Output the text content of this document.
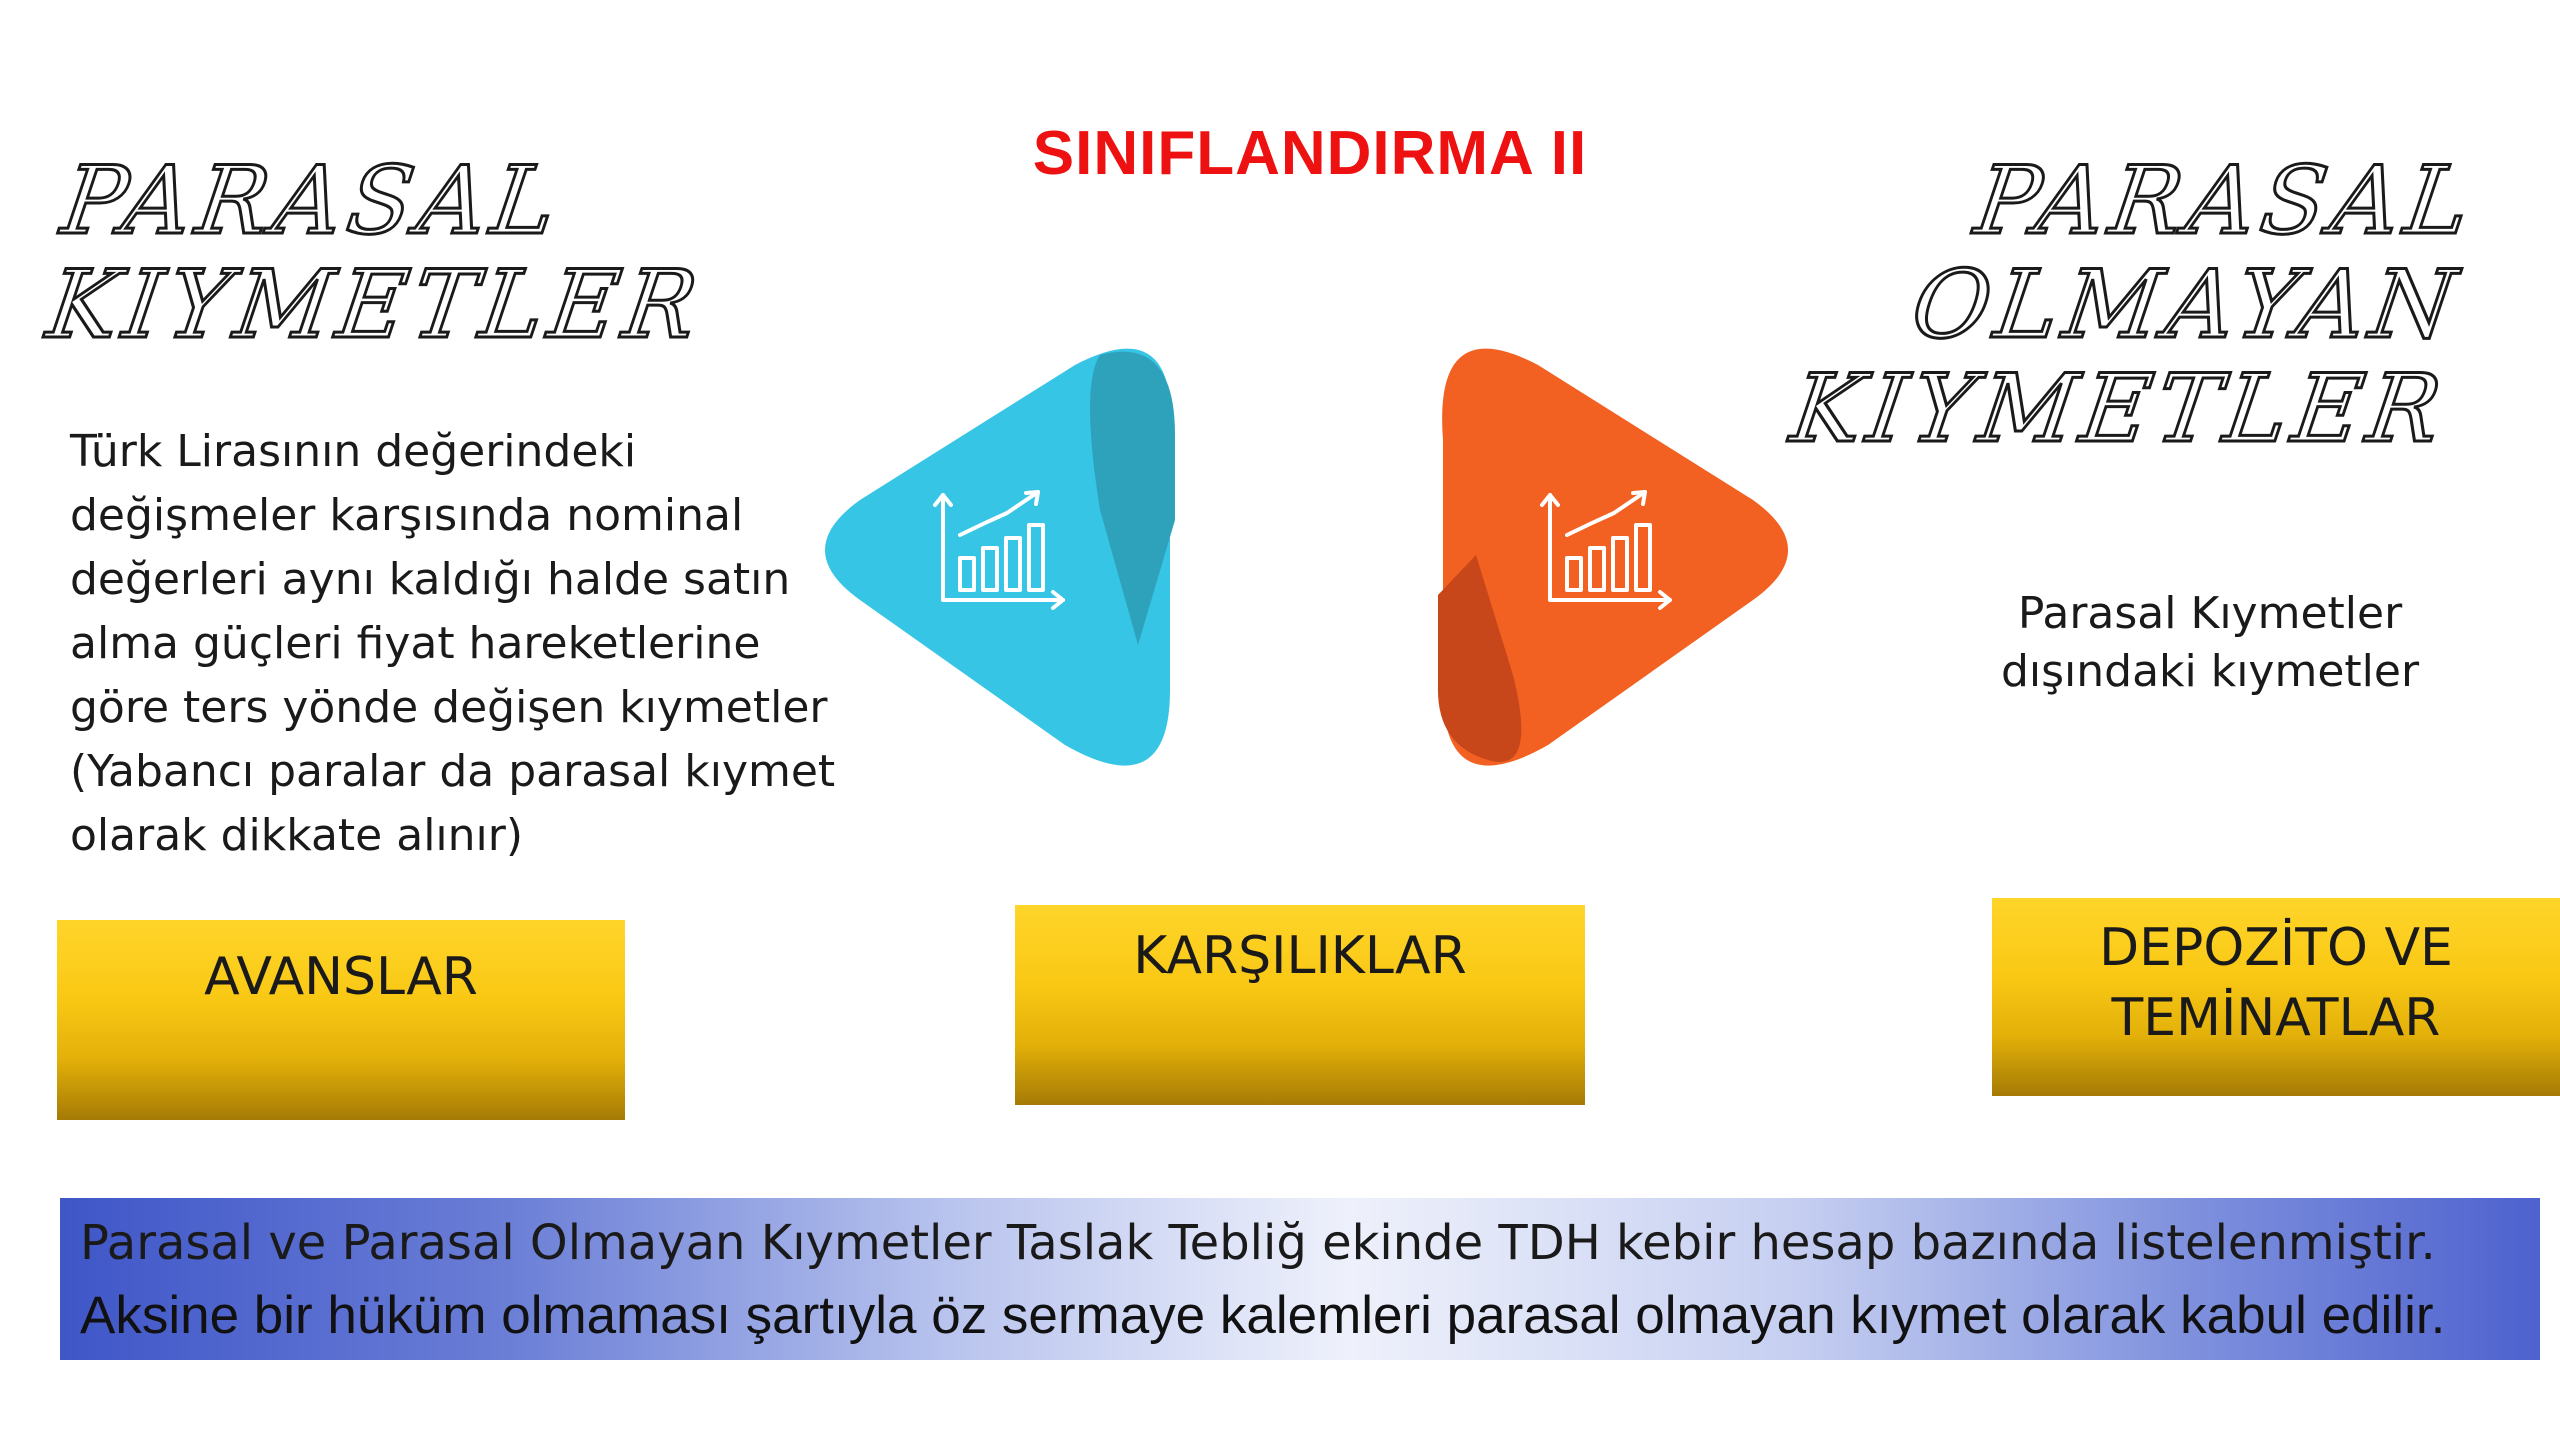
SINIFLANDIRMA II
PARASAL
KIYMETLER
PARASAL
OLMAYAN
KIYMETLER
Türk Lirasının değerindeki değişmeler karşısında nominal değerleri aynı kaldığı halde satın alma güçleri fiyat hareketlerine göre ters yönde değişen kıymetler (Yabancı paralar da parasal kıymet olarak dikkate alınır)
Parasal Kıymetler dışındaki kıymetler
AVANSLAR	KARŞILIKLAR	DEPOZİTO VE TEMİNATLAR
Parasal ve Parasal Olmayan Kıymetler Taslak Tebliğ ekinde TDH kebir hesap bazında listelenmiştir.
Aksine bir hüküm olmaması şartıyla öz sermaye kalemleri parasal olmayan kıymet olarak kabul edilir.
